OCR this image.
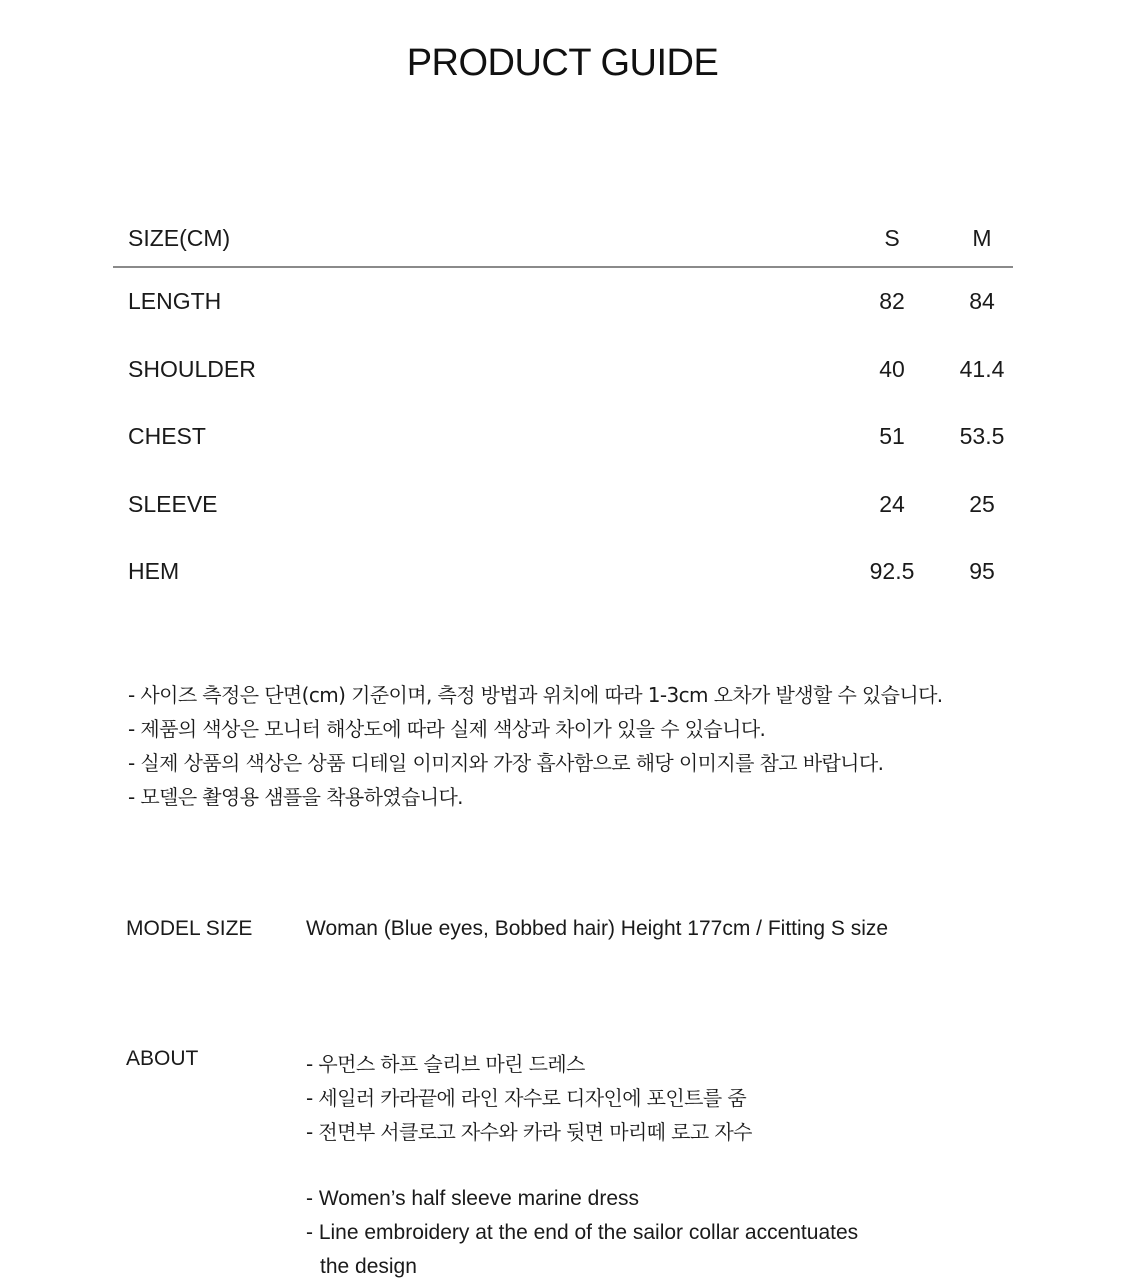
PRODUCT GUIDE
SIZE(CM)	S	M
LENGTH	82	84
SHOULDER	40	41.4
CHEST	51	53.5
SLEEVE	24	25
HEM	92.5	95
- 사이즈 측정은 단면(cm) 기준이며, 측정 방법과 위치에 따라 1-3cm 오차가 발생할 수 있습니다.
- 제품의 색상은 모니터 해상도에 따라 실제 색상과 차이가 있을 수 있습니다.
- 실제 상품의 색상은 상품 디테일 이미지와 가장 흡사함으로 해당 이미지를 참고 바랍니다.
- 모델은 촬영용 샘플을 착용하였습니다.
MODEL SIZE	Woman (Blue eyes, Bobbed hair) Height 177cm / Fitting S size
ABOUT	- 우먼스 하프 슬리브 마린 드레스
- 세일러 카라끝에 라인 자수로 디자인에 포인트를 줌
- 전면부 서클로고 자수와 카라 뒷면 마리떼 로고 자수
- Women’s half sleeve marine dress
- Line embroidery at the end of the sailor collar accentuates
the design
